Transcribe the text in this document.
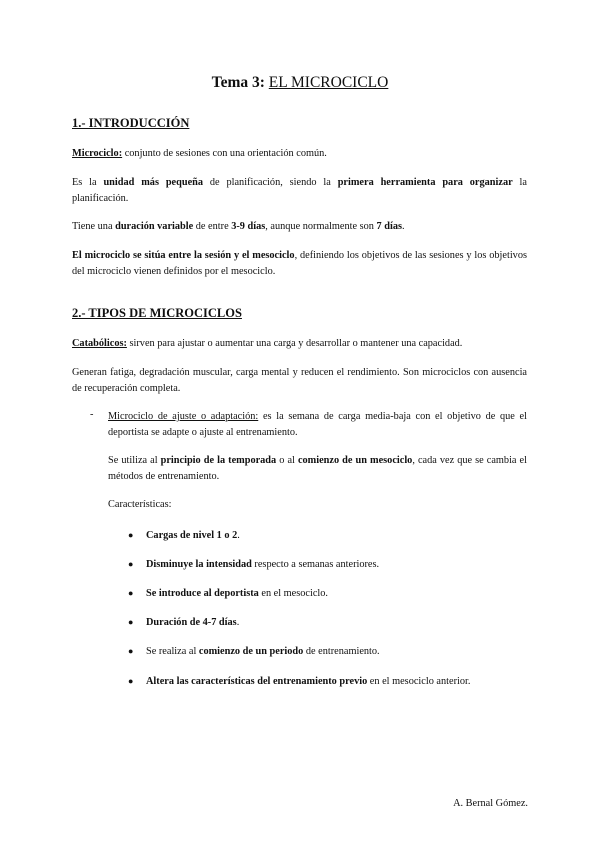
Tema 3: EL MICROCICLO
1.- INTRODUCCIÓN
Microciclo: conjunto de sesiones con una orientación común.
Es la unidad más pequeña de planificación, siendo la primera herramienta para organizar la planificación.
Tiene una duración variable de entre 3-9 días, aunque normalmente son 7 días.
El microciclo se sitúa entre la sesión y el mesociclo, definiendo los objetivos de las sesiones y los objetivos del microciclo vienen definidos por el mesociclo.
2.- TIPOS DE MICROCICLOS
Catabólicos: sirven para ajustar o aumentar una carga y desarrollar o mantener una capacidad.
Generan fatiga, degradación muscular, carga mental y reducen el rendimiento. Son microciclos con ausencia de recuperación completa.
- Microciclo de ajuste o adaptación: es la semana de carga media-baja con el objetivo de que el deportista se adapte o ajuste al entrenamiento.
Se utiliza al principio de la temporada o al comienzo de un mesociclo, cada vez que se cambia el métodos de entrenamiento.
Características:
● Cargas de nivel 1 o 2.
● Disminuye la intensidad respecto a semanas anteriores.
● Se introduce al deportista en el mesociclo.
● Duración de 4-7 días.
● Se realiza al comienzo de un periodo de entrenamiento.
● Altera las características del entrenamiento previo en el mesociclo anterior.
A. Bernal Gómez.
